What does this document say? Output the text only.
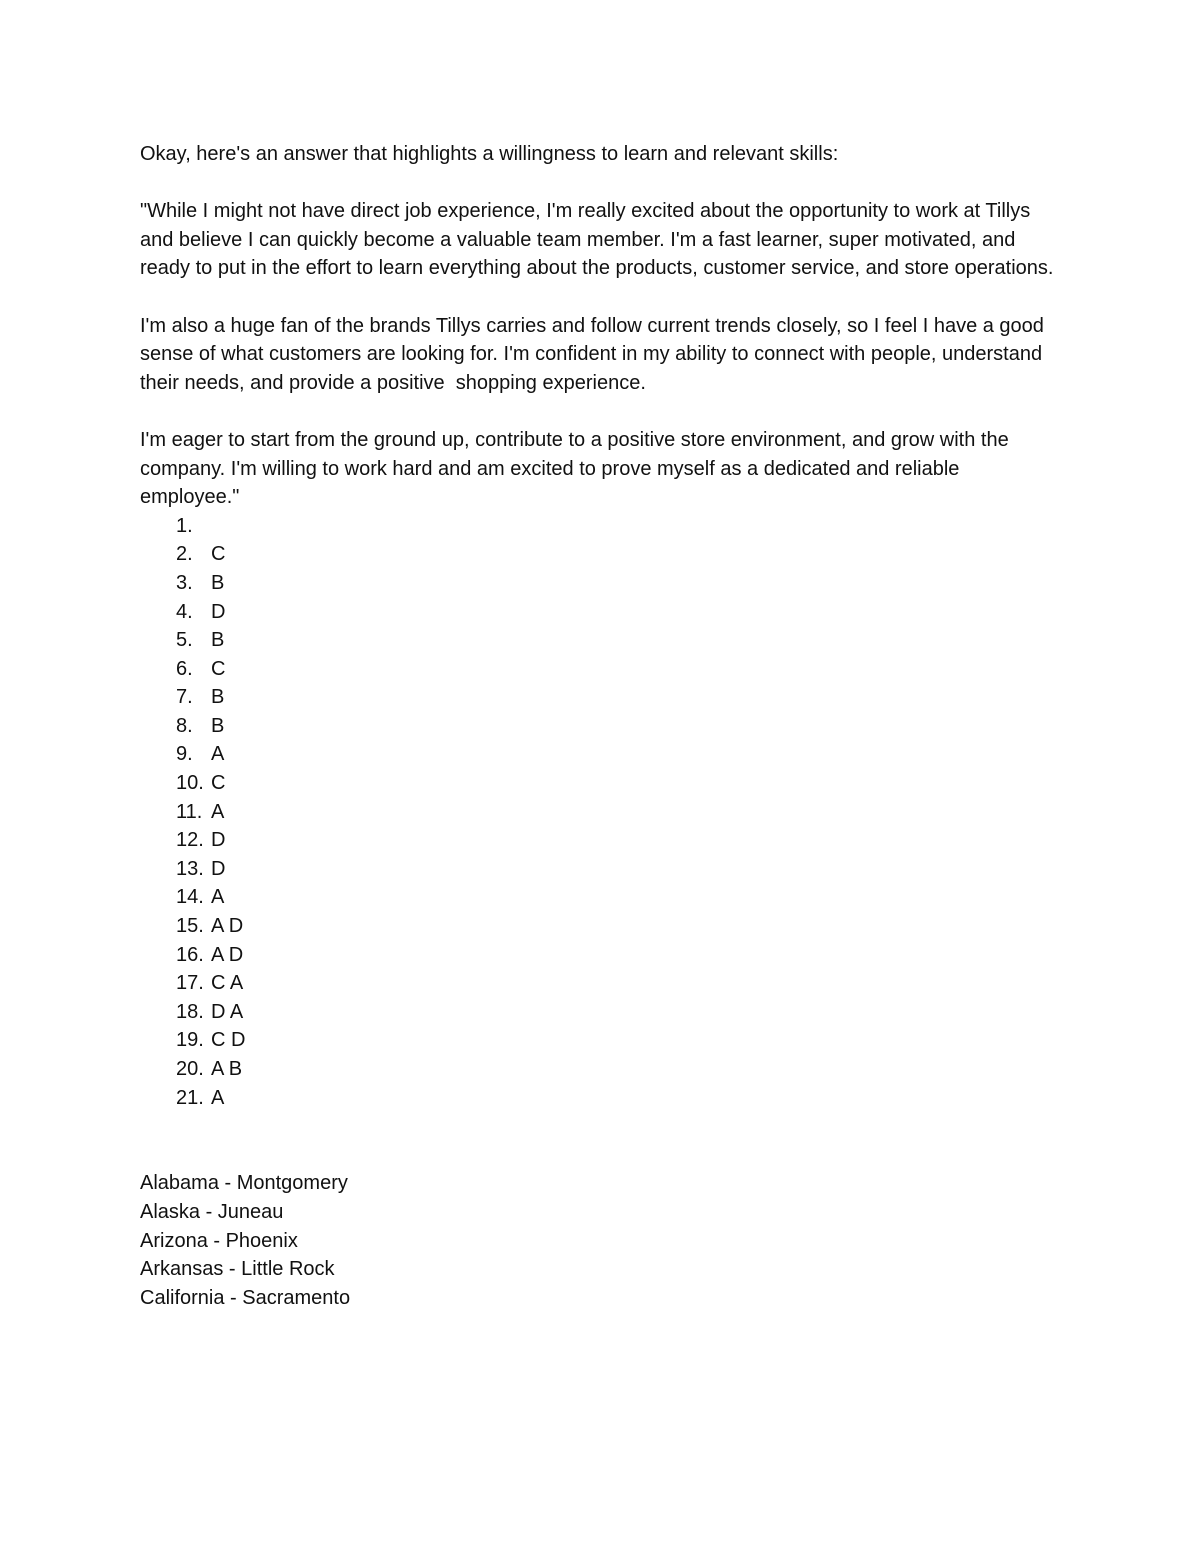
Okay, here's an answer that highlights a willingness to learn and relevant skills:

"While I might not have direct job experience, I'm really excited about the opportunity to work at Tillys and believe I can quickly become a valuable team member. I'm a fast learner, super motivated, and ready to put in the effort to learn everything about the products, customer service, and store operations.

I'm also a huge fan of the brands Tillys carries and follow current trends closely, so I feel I have a good sense of what customers are looking for. I'm confident in my ability to connect with people, understand their needs, and provide a positive  shopping experience.

I'm eager to start from the ground up, contribute to a positive store environment, and grow with the company. I'm willing to work hard and am excited to prove myself as a dedicated and reliable employee."

1.
2. C
3. B
4. D
5. B
6. C
7. B
8. B
9. A
10. C
11. A
12. D
13. D
14. A
15. A D
16. A D
17. C A
18. D A
19. C D
20. A B
21. A
Alabama - Montgomery
Alaska - Juneau
Arizona - Phoenix
Arkansas - Little Rock
California - Sacramento
